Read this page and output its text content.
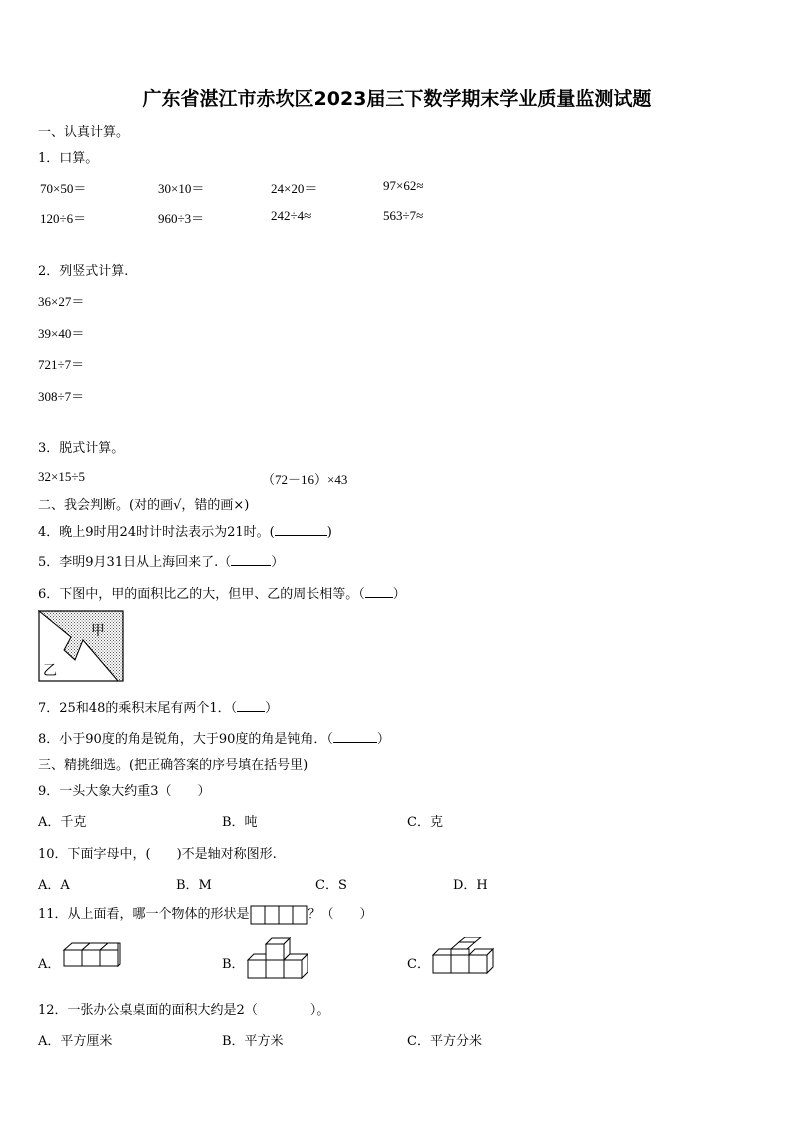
广东省湛江市赤坎区2023届三下数学期末学业质量监测试题
一、认真计算。
1．口算。
70×50＝	30×10＝	24×20＝	97×62≈
120÷6＝	960÷3＝	242÷4≈	563÷7≈
2．列竖式计算.
36×27＝
39×40＝
721÷7＝
308÷7＝
3．脱式计算。
32×15÷5	（72－16）×43
二、我会判断。(对的画√，错的画×)
4．晚上9时用24时计时法表示为21时。(	)
5．李明9月31日从上海回来了.（	）
6．下图中，甲的面积比乙的大，但甲、乙的周长相等。（ ）
甲
乙
7．25和48的乘积末尾有两个1．（ ）
8．小于90度的角是锐角，大于90度的角是钝角．（	）
三、精挑细选。(把正确答案的序号填在括号里)
9．一头大象大约重3（　　）
A．千克	B．吨	C．克
10．下面字母中，(　　)不是轴对称图形.
A．A	B．M	C．S	D．H
11．从上面看，哪一个物体的形状是	？（　　）
A．	B．	C．
12．一张办公桌桌面的面积大约是2（　　　　）。
A．平方厘米	B．平方米	C．平方分米
